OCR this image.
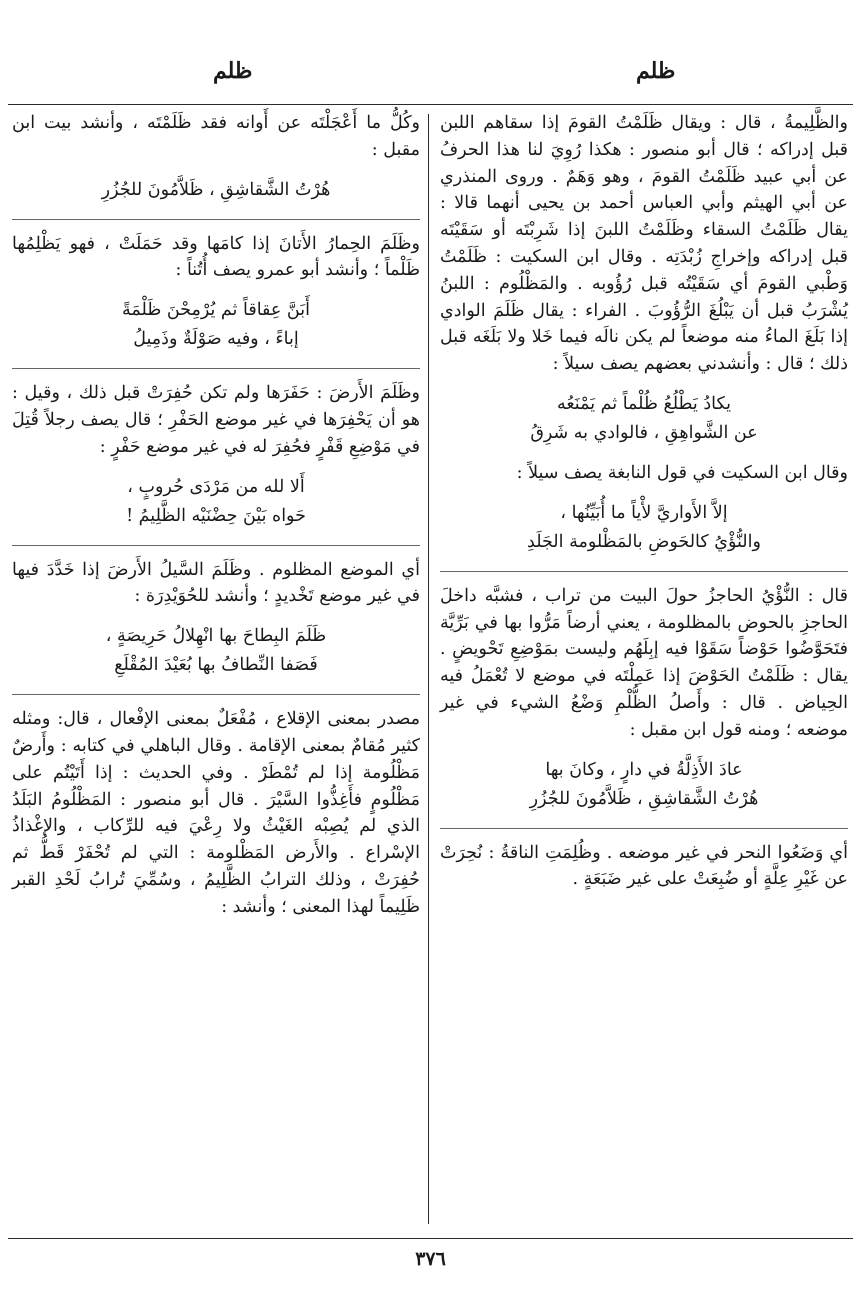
ظلم
ظلم

والظَّلِيمةُ ، قال : ويقال ظَلَمْتُ القومَ إذا سقاهم اللبن قبل إدراكه ؛ قال أبو منصور : هكذا رُوِيَ لنا هذا الحرفُ عن أبي عبيد ظَلَمْتُ القومَ ، وهو وَهَمٌ . وروى المنذري عن أبي الهيثم وأبي العباس أحمد بن يحيى أنهما قالا : يقال ظَلَمْتُ السقاء وظَلَمْتُ اللبنَ إذا شَرِبْتَه أو سَقَيْتَه قبل إدراكه وإخراجِ زُبْدَتِه . وقال ابن السكيت : ظَلَمْتُ وَطْبي القومَ أي سَقَيْتُه قبل رُؤُوبه . والمَظْلُوم : اللبنُ يُشْرَبُ قبل أن يَبْلُغَ الرُّؤُوبَ . الفراء : يقال ظَلَمَ الوادي إذا بَلَغَ الماءُ منه موضعاً لم يكن نالَه فيما خَلا ولا بَلَغَه قبل ذلك ؛ قال : وأنشدني بعضهم يصف سيلاً :

يكادُ يَطْلُعُ ظُلْماً ثم يَمْنَعُه
عن الشَّواهِقِ ، فالوادي به شَرِقُ

وقال ابن السكيت في قول النابغة يصف سيلاً :

إلاَّ الأَواريَّ لأْياً ما أُبَيِّنُها ،
والنُّؤْيُ كالحَوضِ بالمَظْلومة الجَلَدِ

قال : النُّؤْيُ الحاجزُ حولَ البيت من تراب ، فشبَّه داخلَ الحاجزِ بالحوض بالمظلومة ، يعني أرضاً مَرُّوا بها في بَرِّيَّة فتَحَوَّضُوا حَوْضاً سَقَوْا فيه إبِلَهُم وليست بمَوْضِعِ تَحْويضٍ . يقال : ظَلَمْتُ الحَوْضَ إذا عَمِلْتَه في موضع لا تُعْمَلُ فيه الحِياض . قال : وأَصلُ الظُّلْمِ وَضْعُ الشيء في غير موضعه ؛ ومنه قول ابن مقبل :

عادَ الأَذِلَّةُ في دارٍ ، وكانَ بها
هُرْتُ الشَّقاشِقِ ، ظَلاَّمُونَ للجُزُرِ

أي وَضَعُوا النحر في غير موضعه . وظُلِمَتِ الناقةُ : نُحِرَتْ عن غَيْرِ عِلَّةٍ أو ضُبِعَتْ على غير ضَبَعَةٍ .

وكُلُّ ما أَعْجَلْتَه عن أَوانه فقد ظَلَمْتَه ، وأنشد بيت ابن مقبل :

هُرْتُ الشَّقاشِقِ ، ظَلاَّمُونَ للجُزُرِ

وظَلَمَ الحِمارُ الأَتانَ إذا كامَها وقد حَمَلَتْ ، فهو يَظْلِمُها ظَلْماً ؛ وأنشد أبو عمرو يصف أُتُناً :

أَبَنَّ عِقاقاً ثم يُرْمِحْنَ ظَلْمَةً
إباءً ، وفيه صَوْلَةٌ وذَمِيلُ

وظَلَمَ الأَرضَ : حَفَرَها ولم تكن حُفِرَتْ قبل ذلك ، وقيل : هو أن يَحْفِرَها في غير موضع الحَفْرِ ؛ قال يصف رجلاً قُتِلَ في مَوْضِعِ قَفْرٍ فحُفِرَ له في غير موضع حَفْرٍ :

أَلا لله من مَرْدَى حُروبٍ ،
حَواه بَيْنَ حِضْنَيْه الظَّلِيمُ !

أي الموضع المظلوم . وظَلَمَ السَّيلُ الأَرضَ إذا خَدَّدَ فيها في غير موضع تَخْديدٍ ؛ وأنشد للحُوَيْدِرَة :

ظَلَمَ البِطاحَ بها انْهِلالُ حَرِيصَةٍ ،
فَصَفا النِّطافُ بها بُعَيْدَ المُقْلَعِ

مصدر بمعنى الإقلاع ، مُفْعَلٌ بمعنى الإفْعال ، قال: ومثله كثير مُقامٌ بمعنى الإقامة . وقال الباهلي في كتابه : وأَرضٌ مَظْلُومة إذا لم تُمْطَرْ . وفي الحديث : إذا أَتَيْتُم على مَظْلُومٍ فأَغِذُّوا السَّيْرَ . قال أبو منصور : المَظْلُومُ البَلَدُ الذي لم يُصِبْه الغَيْثُ ولا رِعْيَ فيه للرِّكاب ، والإغْذاذُ الإسْراع . والأَرض المَظْلومة : التي لم تُحْفَرْ قَطُّ ثم حُفِرَتْ ، وذلك الترابُ الظَّلِيمُ ، وسُمِّيَ تُرابُ لَحْدِ القبر ظَلِيماً لهذا المعنى ؛ وأنشد :

٣٧٦
